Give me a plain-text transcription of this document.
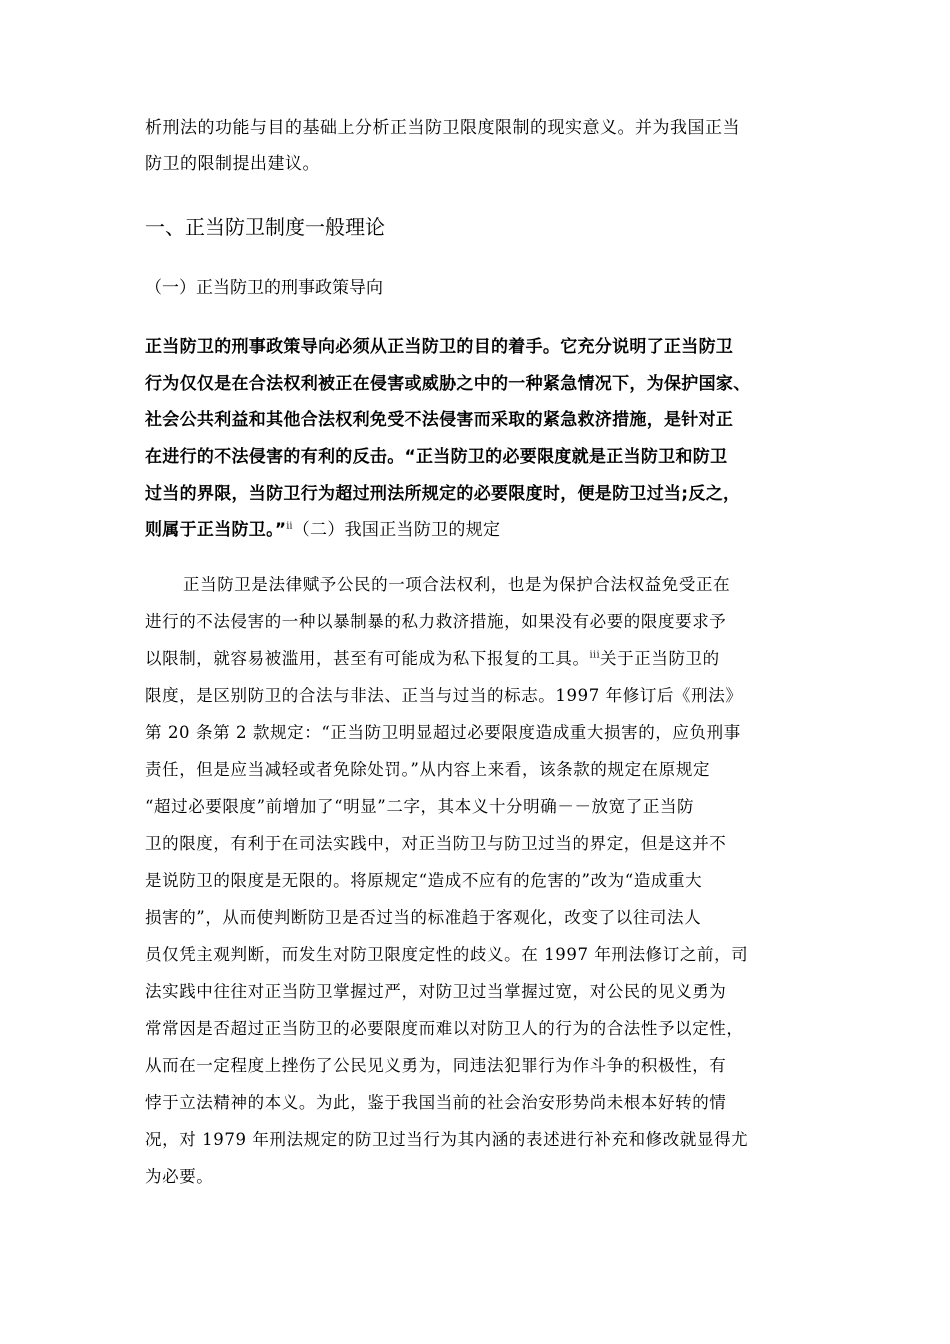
析刑法的功能与目的基础上分析正当防卫限度限制的现实意义。并为我国正当
防卫的限制提出建议。
一、正当防卫制度一般理论
（一）正当防卫的刑事政策导向
正当防卫的刑事政策导向必须从正当防卫的目的着手。它充分说明了正当防卫
行为仅仅是在合法权利被正在侵害或威胁之中的一种紧急情况下，为保护国家、
社会公共利益和其他合法权利免受不法侵害而采取的紧急救济措施，是针对正
在进行的不法侵害的有利的反击。“正当防卫的必要限度就是正当防卫和防卫
过当的界限，当防卫行为超过刑法所规定的必要限度时，便是防卫过当;反之，
则属于正当防卫。”$^{ii}$（二）我国正当防卫的规定
正当防卫是法律赋予公民的一项合法权利，也是为保护合法权益免受正在
进行的不法侵害的一种以暴制暴的私力救济措施，如果没有必要的限度要求予
以限制，就容易被滥用，甚至有可能成为私下报复的工具。$^{iii}$关于正当防卫的
限度，是区别防卫的合法与非法、正当与过当的标志。1997 年修订后《刑法》
第 20 条第 2 款规定：“正当防卫明显超过必要限度造成重大损害的，应负刑事
责任，但是应当减轻或者免除处罚。”从内容上来看，该条款的规定在原规定
“超过必要限度”前增加了“明显”二字，其本义十分明确－－放宽了正当防
卫的限度，有利于在司法实践中，对正当防卫与防卫过当的界定，但是这并不
是说防卫的限度是无限的。将原规定“造成不应有的危害的”改为“造成重大
损害的”，从而使判断防卫是否过当的标准趋于客观化，改变了以往司法人
员仅凭主观判断，而发生对防卫限度定性的歧义。在 1997 年刑法修订之前，司
法实践中往往对正当防卫掌握过严，对防卫过当掌握过宽，对公民的见义勇为
常常因是否超过正当防卫的必要限度而难以对防卫人的行为的合法性予以定性，
从而在一定程度上挫伤了公民见义勇为，同违法犯罪行为作斗争的积极性，有
悖于立法精神的本义。为此，鉴于我国当前的社会治安形势尚未根本好转的情
况，对 1979 年刑法规定的防卫过当行为其内涵的表述进行补充和修改就显得尤
为必要。
